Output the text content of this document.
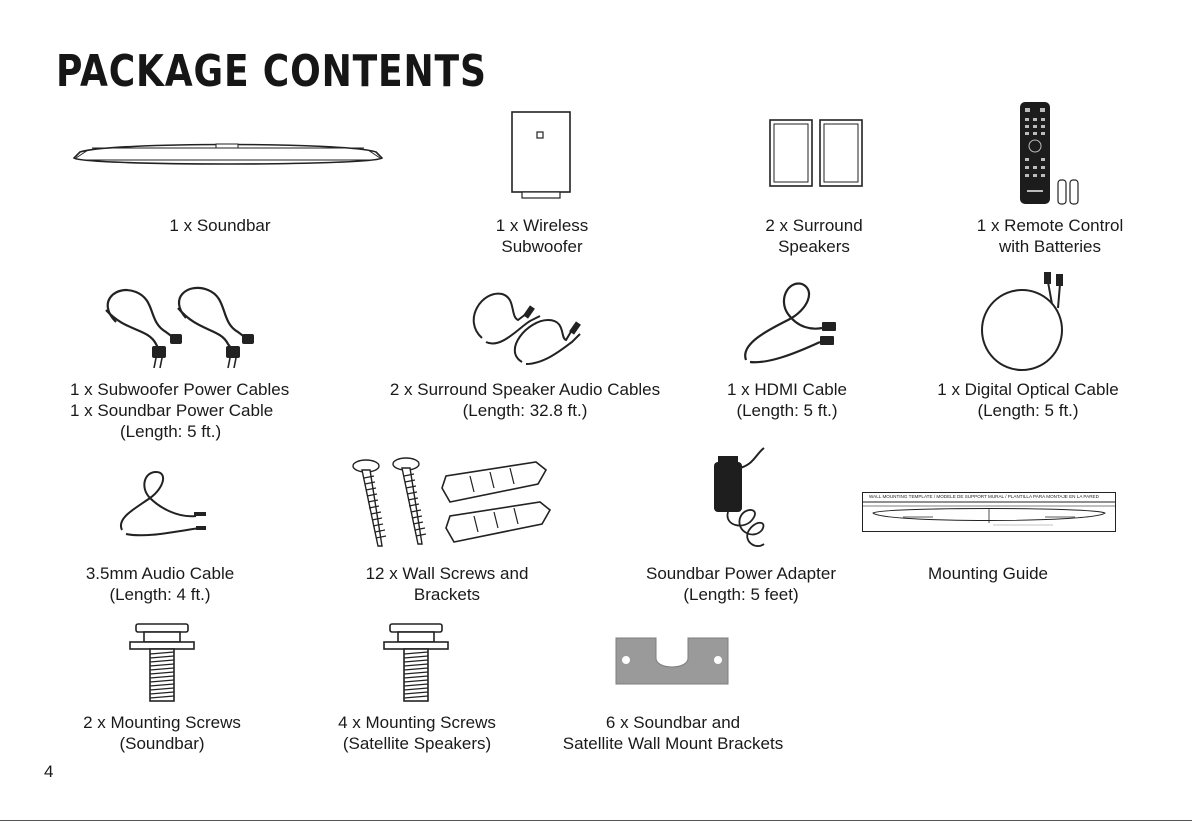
PACKAGE CONTENTS
1 x Soundbar	1 x Wireless
Subwoofer
2 x Surround
Speakers
1 x Remote Control
with Batteries
1 x Subwoofer Power Cables
1 x Soundbar Power Cable
(Length: 5 ft.)
2 x Surround Speaker Audio Cables
(Length: 32.8 ft.)
1 x HDMI Cable
(Length: 5 ft.)
1 x Digital Optical Cable
(Length: 5 ft.)
3.5mm Audio Cable
(Length: 4 ft.)
12 x Wall Screws and
Brackets
Soundbar Power Adapter
(Length: 5 feet)
WALL MOUNTING TEMPLATE / MODELE DE SUPPORT MURAL / PLANTILLA PARA MONTAJE EN LA PARED
Mounting Guide
2 x Mounting Screws
(Soundbar)
4 x Mounting Screws
(Satellite Speakers)
6 x Soundbar and
Satellite Wall Mount Brackets
4
